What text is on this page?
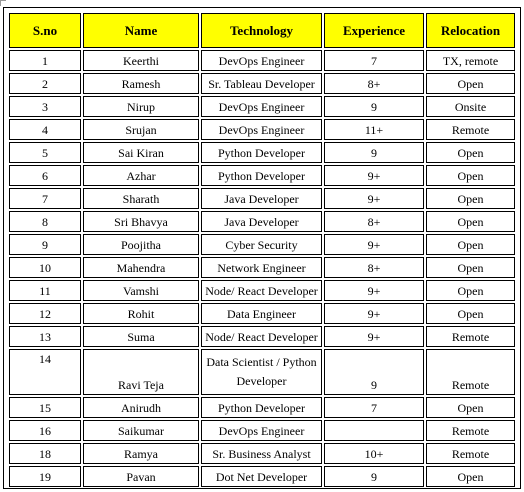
S.no	Name	Technology	Experience	Relocation
1	Keerthi	DevOps Engineer	7	TX, remote
2	Ramesh	Sr. Tableau Developer	8+	Open
3	Nirup	DevOps Engineer	9	Onsite
4	Srujan	DevOps Engineer	11+	Remote
5	Sai Kiran	Python Developer	9	Open
6	Azhar	Python Developer	9+	Open
7	Sharath	Java Developer	9+	Open
8	Sri Bhavya	Java Developer	8+	Open
9	Poojitha	Cyber Security	9+	Open
10	Mahendra	Network Engineer	8+	Open
11	Vamshi	Node/ React Developer	9+	Open
12	Rohit	Data Engineer	9+	Open
13	Suma	Node/ React Developer	9+	Remote
14	Ravi Teja	Data Scientist / Python Developer	9	Remote
15	Anirudh	Python Developer	7	Open
16	Saikumar	DevOps Engineer		Remote
18	Ramya	Sr. Business Analyst	10+	Remote
19	Pavan	Dot Net Developer	9	Open
